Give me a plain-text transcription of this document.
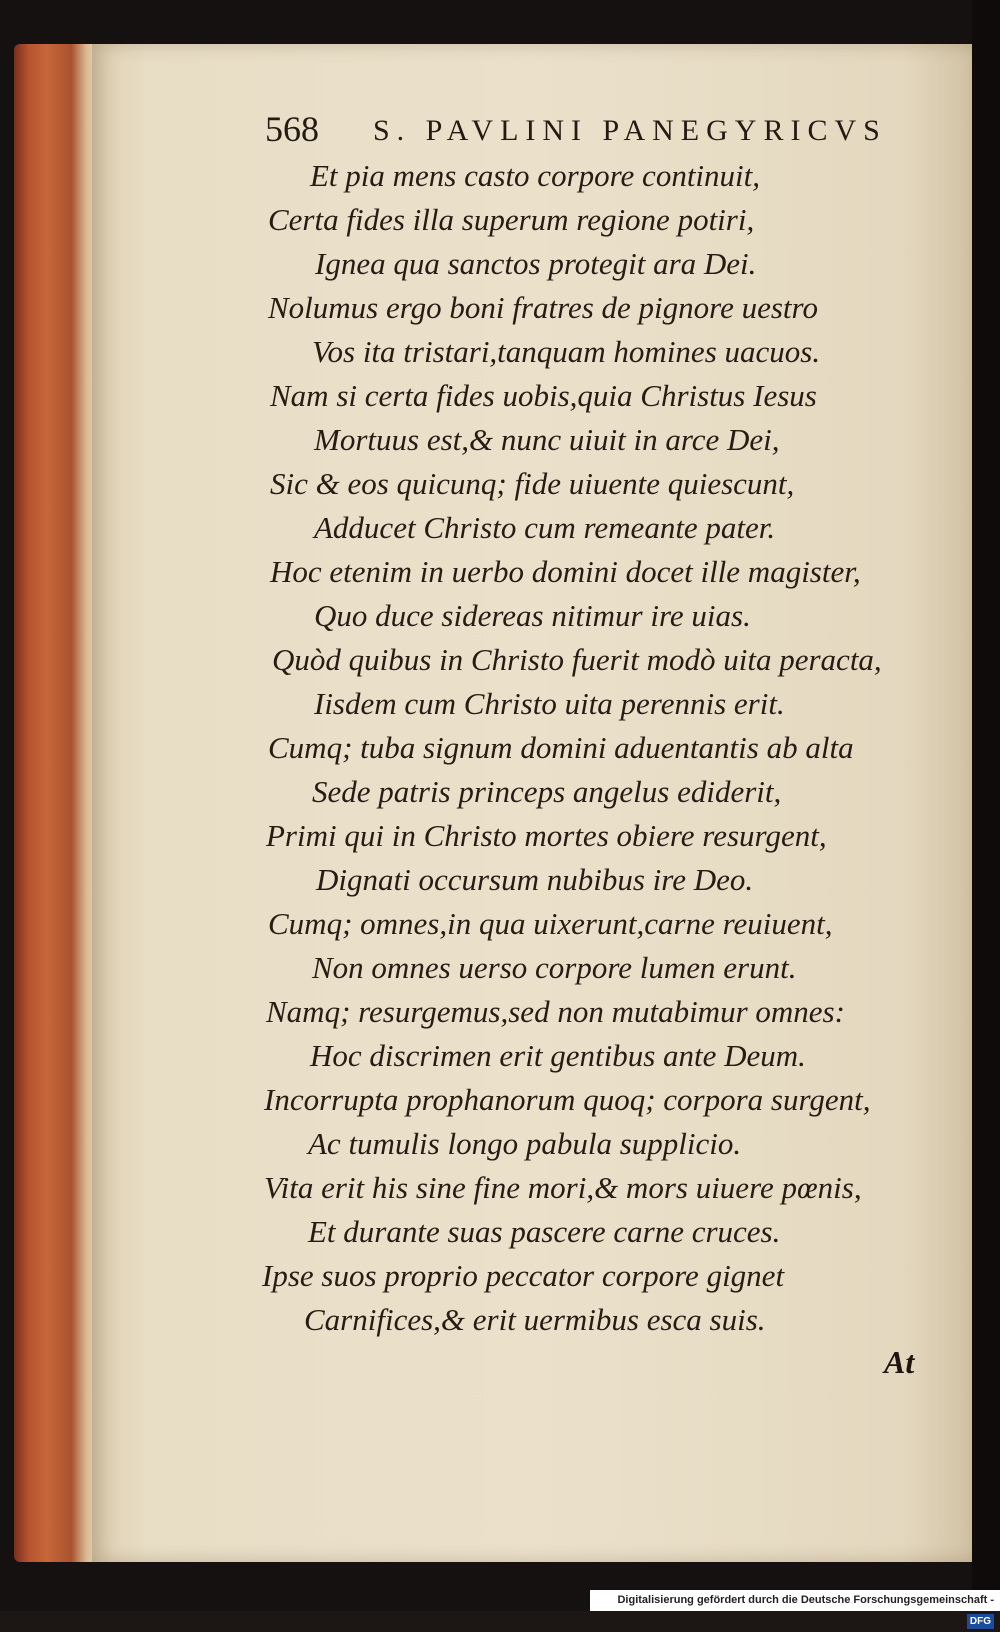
568 S. PAVLINI PANEGYRICVS
Et pia mens casto corpore continuit,
Certa fides illa superum regione potiri,
Ignea qua sanctos protegit ara Dei.
Nolumus ergo boni fratres de pignore uestro
Vos ita tristari,tanquam homines uacuos.
Nam si certa fides uobis,quia Christus Iesus
Mortuus est,& nunc uiuit in arce Dei,
Sic & eos quicunq; fide uiuente quiescunt,
Adducet Christo cum remeante pater.
Hoc etenim in uerbo domini docet ille magister,
Quo duce sidereas nitimur ire uias.
Quòd quibus in Christo fuerit modò uita peracta,
Iisdem cum Christo uita perennis erit.
Cumq; tuba signum domini aduentantis ab alta
Sede patris princeps angelus ediderit,
Primi qui in Christo mortes obiere resurgent,
Dignati occursum nubibus ire Deo.
Cumq; omnes,in qua uixerunt,carne reuiuent,
Non omnes uerso corpore lumen erunt.
Namq; resurgemus,sed non mutabimur omnes:
Hoc discrimen erit gentibus ante Deum.
Incorrupta prophanorum quoq; corpora surgent,
Ac tumulis longo pabula supplicio.
Vita erit his sine fine mori,& mors uiuere pœnis,
Et durante suas pascere carne cruces.
Ipse suos proprio peccator corpore gignet
Carnifices,& erit uermibus esca suis.
At
Digitalisierung gefördert durch die Deutsche Forschungsgemeinschaft -DFG
